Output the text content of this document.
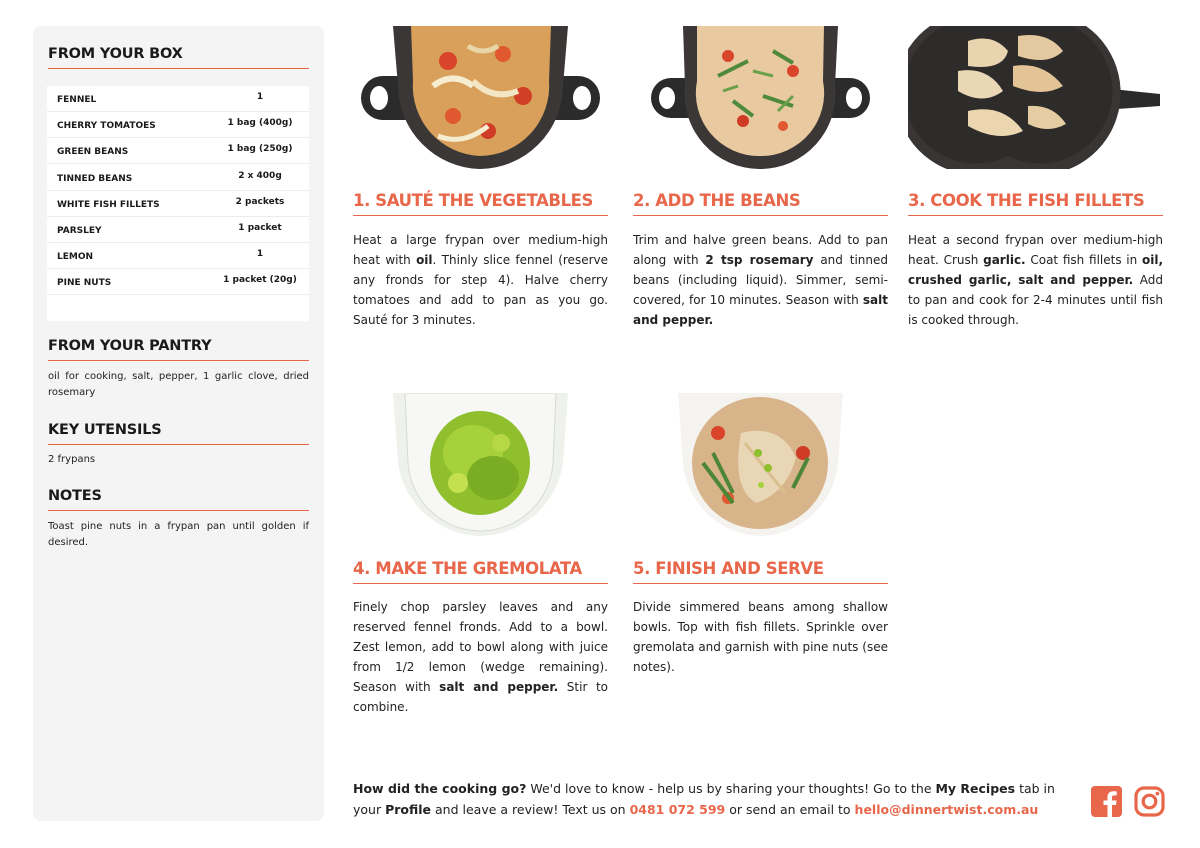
FROM YOUR BOX
FENNEL	1
CHERRY TOMATOES	1 bag (400g)
GREEN BEANS	1 bag (250g)
TINNED BEANS	2 x 400g
WHITE FISH FILLETS	2 packets
PARSLEY	1 packet
LEMON	1
PINE NUTS	1 packet (20g)
FROM YOUR PANTRY
oil for cooking, salt, pepper, 1 garlic clove, dried rosemary
KEY UTENSILS
2 frypans
NOTES
Toast pine nuts in a frypan pan until golden if desired.
1. SAUTÉ THE VEGETABLES
Heat a large frypan over medium-high heat with oil. Thinly slice fennel (reserve any fronds for step 4). Halve cherry tomatoes and add to pan as you go. Sauté for 3 minutes.
2. ADD THE BEANS
Trim and halve green beans. Add to pan along with 2 tsp rosemary and tinned beans (including liquid). Simmer, semi-covered, for 10 minutes. Season with salt and pepper.
3. COOK THE FISH FILLETS
Heat a second frypan over medium-high heat. Crush garlic. Coat fish fillets in oil, crushed garlic, salt and pepper. Add to pan and cook for 2-4 minutes until fish is cooked through.
4. MAKE THE GREMOLATA
Finely chop parsley leaves and any reserved fennel fronds. Add to a bowl. Zest lemon, add to bowl along with juice from 1/2 lemon (wedge remaining). Season with salt and pepper. Stir to combine.
5. FINISH AND SERVE
Divide simmered beans among shallow bowls. Top with fish fillets. Sprinkle over gremolata and garnish with pine nuts (see notes).
How did the cooking go? We'd love to know - help us by sharing your thoughts! Go to the My Recipes tab in your Profile and leave a review! Text us on 0481 072 599 or send an email to hello@dinnertwist.com.au
